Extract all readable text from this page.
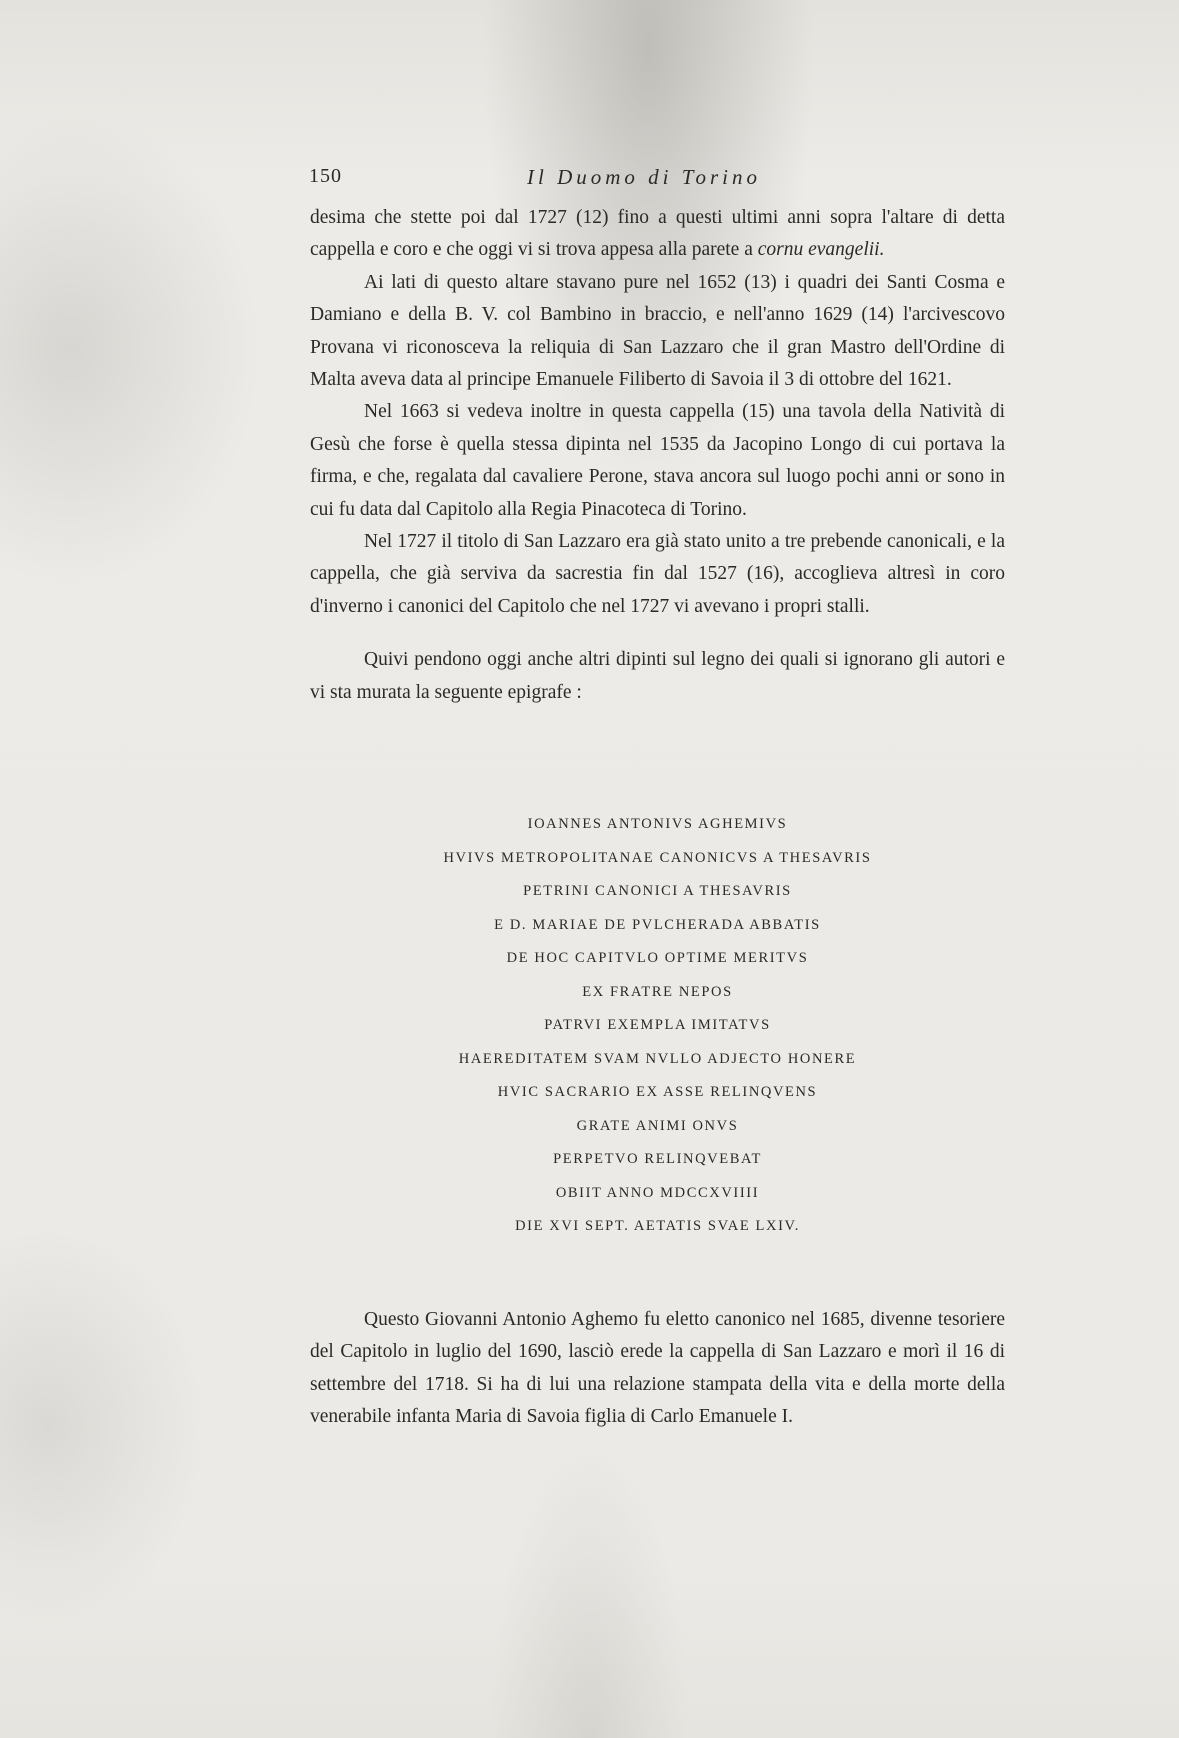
150	Il Duomo di Torino

desima che stette poi dal 1727 (12) fino a questi ultimi anni sopra l'altare di detta cappella e coro e che oggi vi si trova appesa alla parete a cornu evangelii.

Ai lati di questo altare stavano pure nel 1652 (13) i quadri dei Santi Cosma e Damiano e della B. V. col Bambino in braccio, e nell'anno 1629 (14) l'arcivescovo Provana vi riconosceva la reliquia di San Lazzaro che il gran Mastro dell'Ordine di Malta aveva data al principe Emanuele Filiberto di Savoia il 3 di ottobre del 1621.

Nel 1663 si vedeva inoltre in questa cappella (15) una tavola della Natività di Gesù che forse è quella stessa dipinta nel 1535 da Jacopino Longo di cui portava la firma, e che, regalata dal cavaliere Perone, stava ancora sul luogo pochi anni or sono in cui fu data dal Capitolo alla Regia Pinacoteca di Torino.

Nel 1727 il titolo di San Lazzaro era già stato unito a tre prebende canonicali, e la cappella, che già serviva da sacrestia fin dal 1527 (16), accoglieva altresì in coro d'inverno i canonici del Capitolo che nel 1727 vi avevano i propri stalli.

Quivi pendono oggi anche altri dipinti sul legno dei quali si ignorano gli autori e vi sta murata la seguente epigrafe :

IOANNES ANTONIVS AGHEMIVS
HVIVS METROPOLITANAE CANONICVS A THESAVRIS
PETRINI CANONICI A THESAVRIS
E D. MARIAE DE PVLCHERADA ABBATIS
DE HOC CAPITVLO OPTIME MERITVS
EX FRATRE NEPOS
PATRVI EXEMPLA IMITATVS
HAEREDITATEM SVAM NVLLO ADJECTO HONERE
HVIC SACRARIO EX ASSE RELINQVENS
GRATE ANIMI ONVS
PERPETVO RELINQVEBAT
OBIIT ANNO MDCCXVIIII
DIE XVI SEPT. AETATIS SVAE LXIV.

Questo Giovanni Antonio Aghemo fu eletto canonico nel 1685, divenne tesoriere del Capitolo in luglio del 1690, lasciò erede la cappella di San Lazzaro e morì il 16 di settembre del 1718. Si ha di lui una relazione stampata della vita e della morte della venerabile infanta Maria di Savoia figlia di Carlo Emanuele I.
